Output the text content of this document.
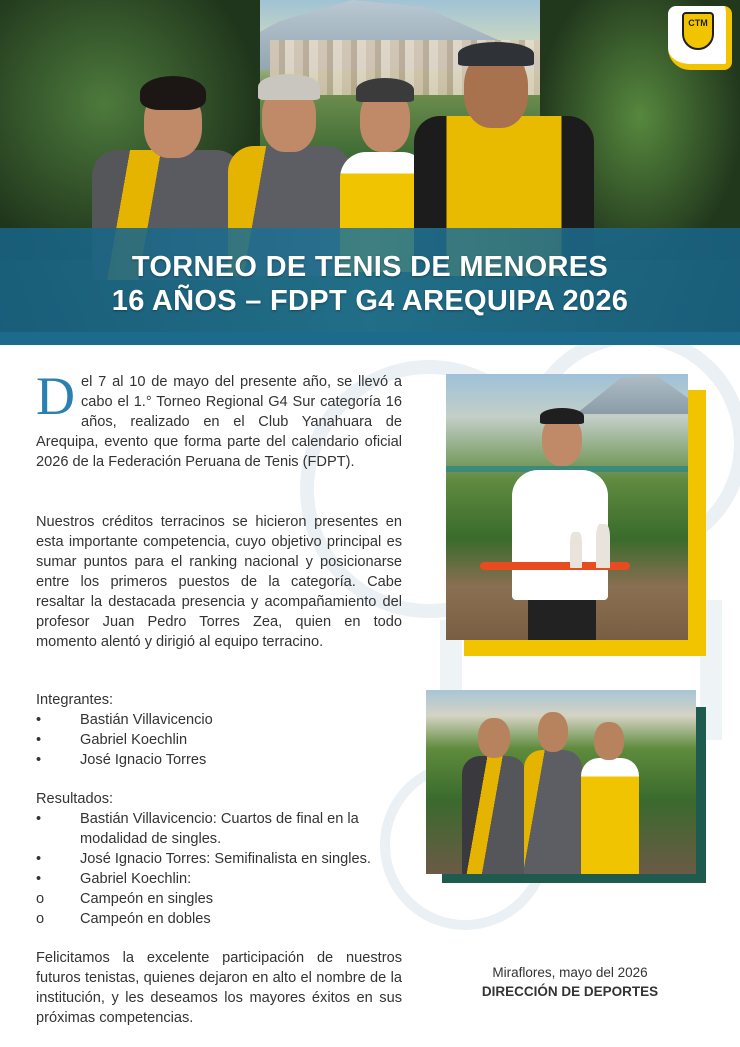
TORNEO DE TENIS DE MENORES
16 AÑOS – FDPT G4 AREQUIPA 2026
CTM
Del 7 al 10 de mayo del presente año, se llevó a cabo el 1.° Torneo Regional G4 Sur categoría 16 años, realizado en el Club Yanahuara de Arequipa, evento que forma parte del calendario oficial 2026 de la Federación Peruana de Tenis (FDPT).
Nuestros créditos terracinos se hicieron presentes en esta importante competencia, cuyo objetivo principal es sumar puntos para el ranking nacional y posicionarse entre los primeros puestos de la categoría. Cabe resaltar la destacada presencia y acompañamiento del profesor Juan Pedro Torres Zea, quien en todo momento alentó y dirigió al equipo terracino.
Integrantes:
•	Bastián Villavicencio
•	Gabriel Koechlin
•	José Ignacio Torres
Resultados:
•	Bastián Villavicencio: Cuartos de final en la modalidad de singles.
•	José Ignacio Torres: Semifinalista en singles.
•	Gabriel Koechlin:
o Campeón en singles
o Campeón en dobles
Felicitamos la excelente participación de nuestros futuros tenistas, quienes dejaron en alto el nombre de la institución, y les deseamos los mayores éxitos en sus próximas competencias.
Miraflores, mayo del 2026
DIRECCIÓN DE DEPORTES
